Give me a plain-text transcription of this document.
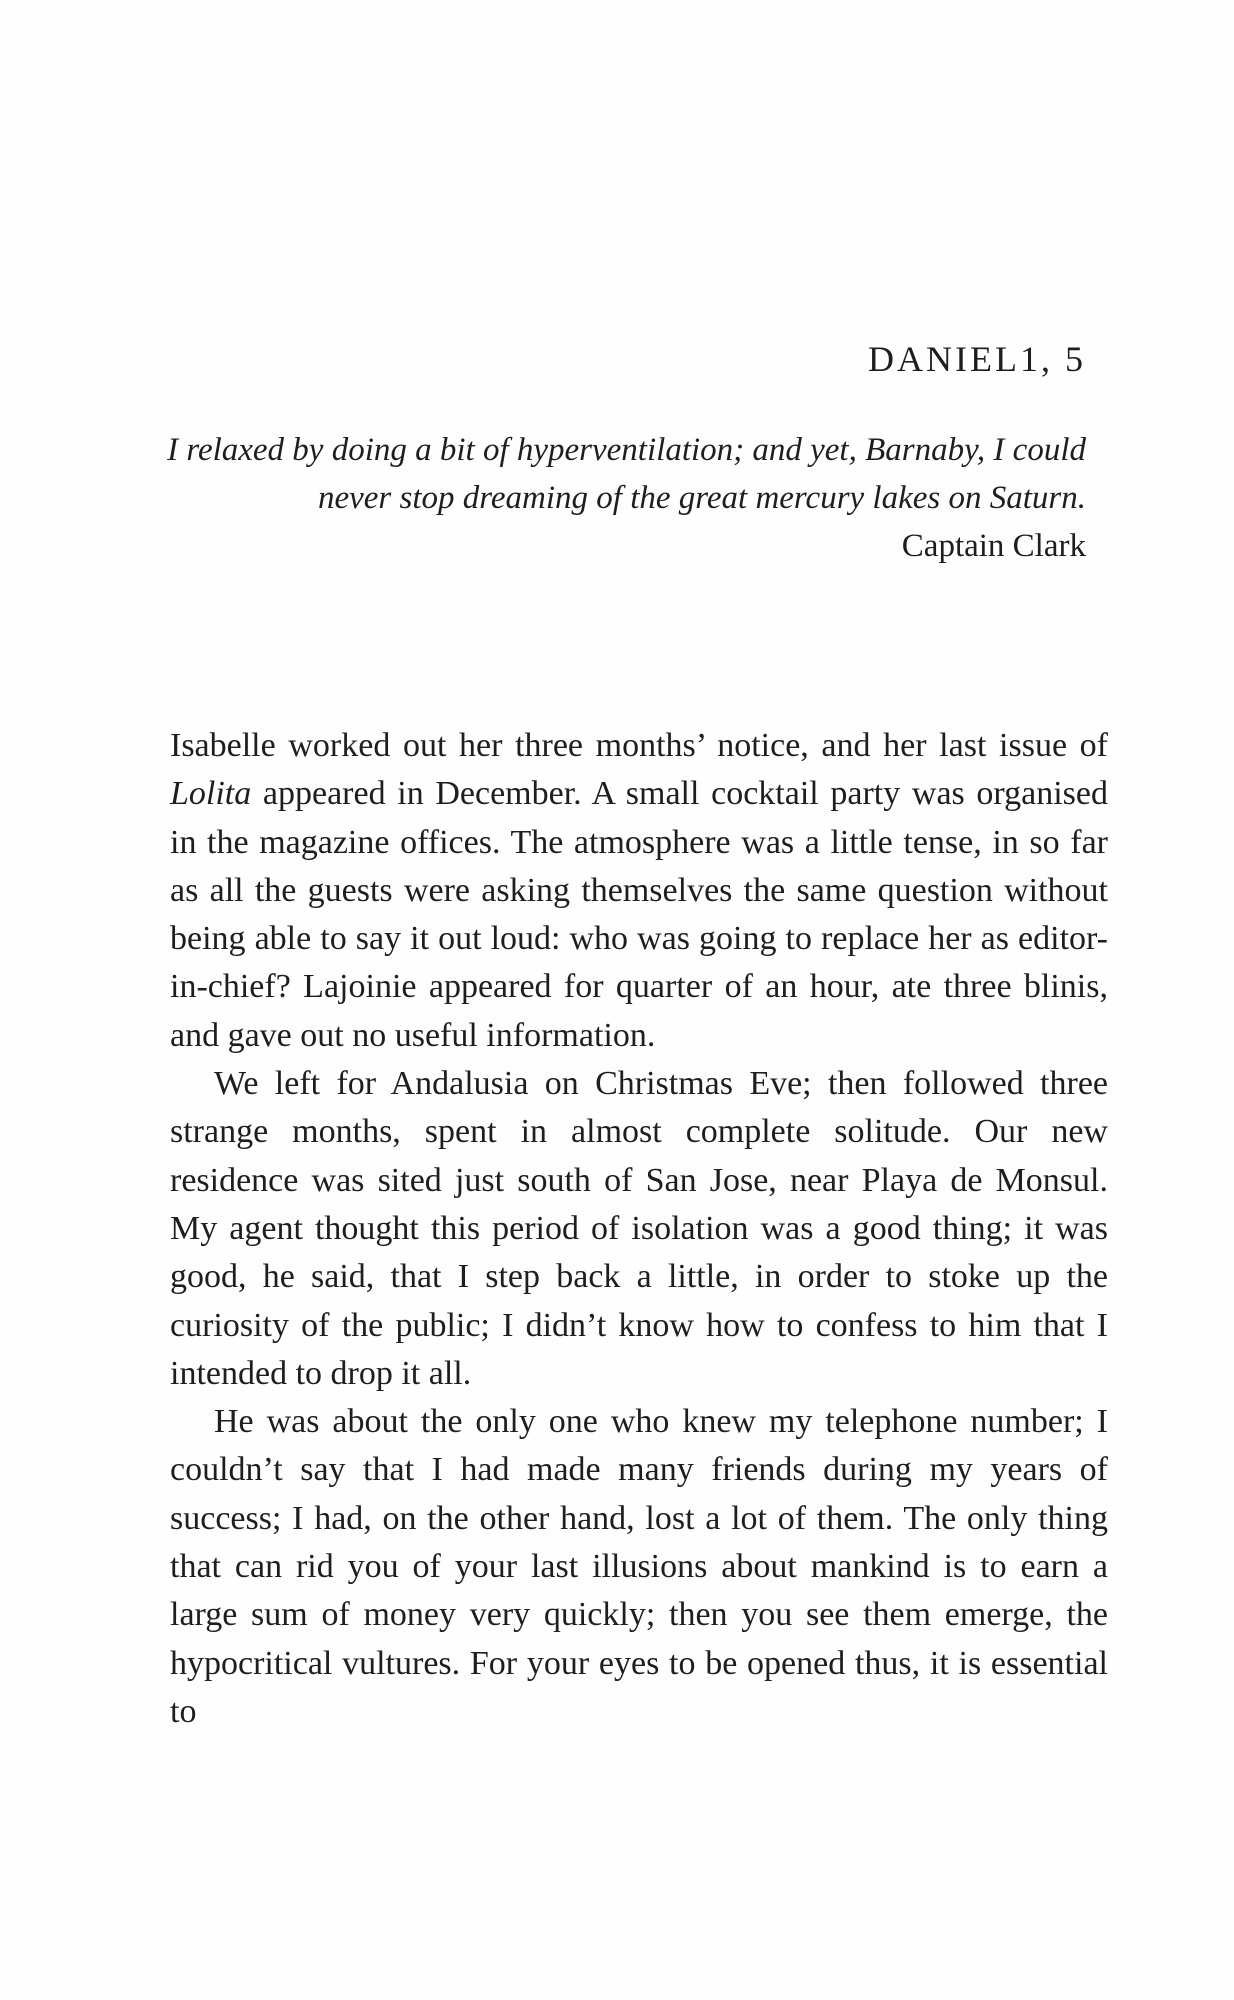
DANIEL1, 5

I relaxed by doing a bit of hyperventilation; and yet, Barnaby, I could never stop dreaming of the great mercury lakes on Saturn.

Captain Clark

Isabelle worked out her three months’ notice, and her last issue of Lolita appeared in December. A small cocktail party was organised in the magazine offices. The atmosphere was a little tense, in so far as all the guests were asking themselves the same question without being able to say it out loud: who was going to replace her as editor-in-chief? Lajoinie appeared for quarter of an hour, ate three blinis, and gave out no useful information.

We left for Andalusia on Christmas Eve; then followed three strange months, spent in almost complete solitude. Our new residence was sited just south of San Jose, near Playa de Monsul. My agent thought this period of isolation was a good thing; it was good, he said, that I step back a little, in order to stoke up the curiosity of the public; I didn’t know how to confess to him that I intended to drop it all.

He was about the only one who knew my telephone number; I couldn’t say that I had made many friends during my years of success; I had, on the other hand, lost a lot of them. The only thing that can rid you of your last illusions about mankind is to earn a large sum of money very quickly; then you see them emerge, the hypocritical vultures. For your eyes to be opened thus, it is essential to
